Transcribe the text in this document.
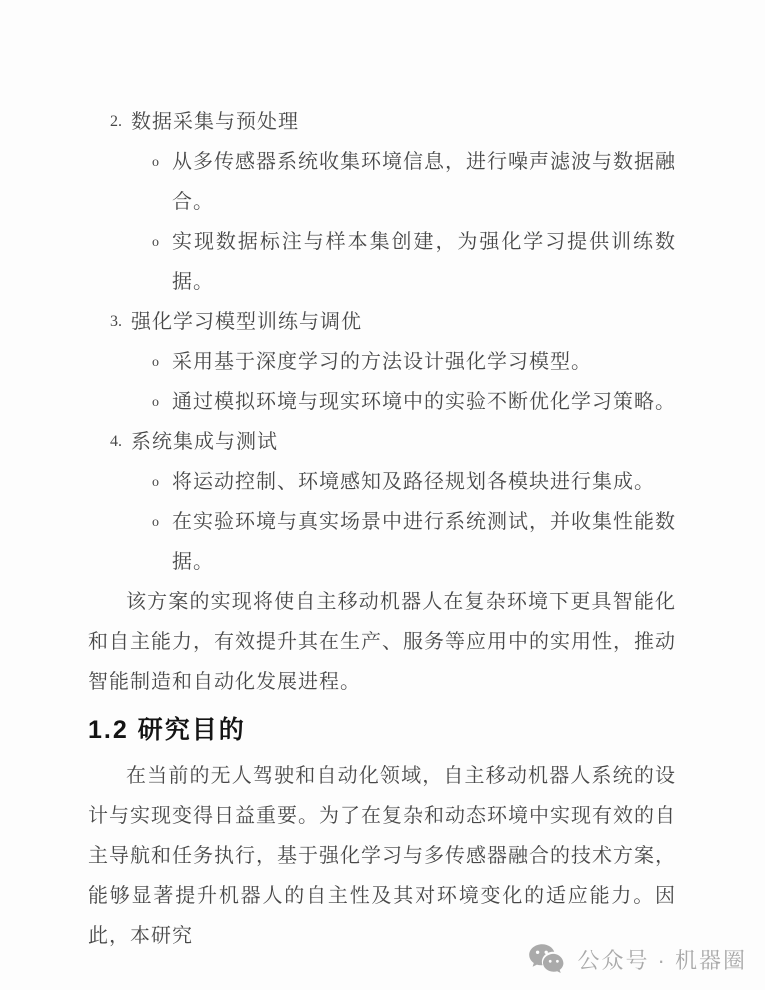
2. 数据采集与预处理
o 从多传感器系统收集环境信息，进行噪声滤波与数据融合。
o 实现数据标注与样本集创建，为强化学习提供训练数据。
3. 强化学习模型训练与调优
o 采用基于深度学习的方法设计强化学习模型。
o 通过模拟环境与现实环境中的实验不断优化学习策略。
4. 系统集成与测试
o 将运动控制、环境感知及路径规划各模块进行集成。
o 在实验环境与真实场景中进行系统测试，并收集性能数据。

该方案的实现将使自主移动机器人在复杂环境下更具智能化和自主能力，有效提升其在生产、服务等应用中的实用性，推动智能制造和自动化发展进程。

1.2 研究目的

在当前的无人驾驶和自动化领域，自主移动机器人系统的设计与实现变得日益重要。为了在复杂和动态环境中实现有效的自主导航和任务执行，基于强化学习与多传感器融合的技术方案，能够显著提升机器人的自主性及其对环境变化的适应能力。因此，本研究

公众号 · 机器圈
